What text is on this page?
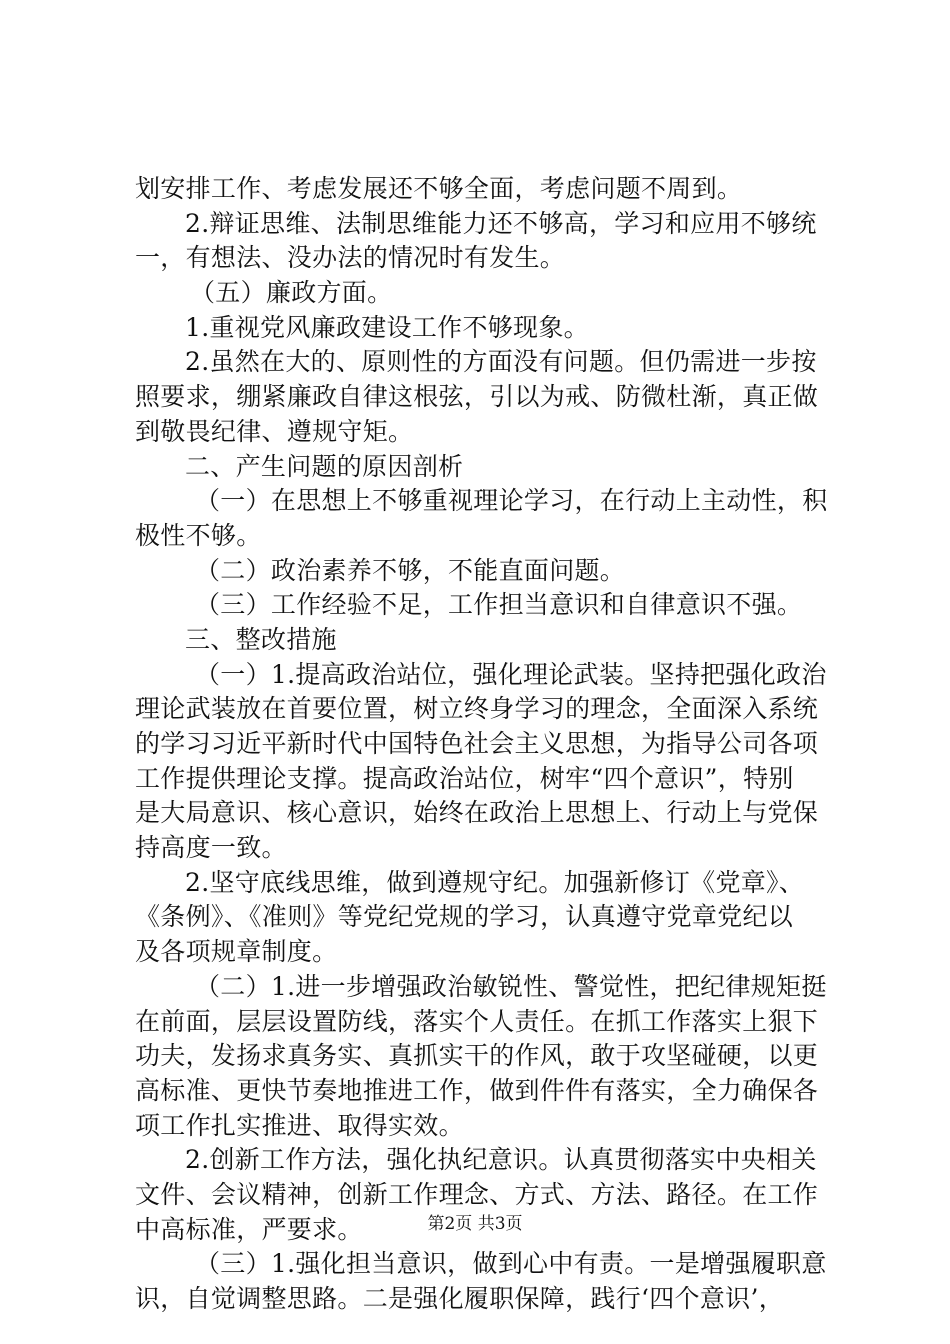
划安排工作、考虑发展还不够全面，考虑问题不周到。
2.辩证思维、法制思维能力还不够高，学习和应用不够统
一，有想法、没办法的情况时有发生。
（五）廉政方面。
1.重视党风廉政建设工作不够现象。
2.虽然在大的、原则性的方面没有问题。但仍需进一步按
照要求，绷紧廉政自律这根弦，引以为戒、防微杜渐，真正做
到敬畏纪律、遵规守矩。
二、产生问题的原因剖析
（一）在思想上不够重视理论学习，在行动上主动性，积
极性不够。
（二）政治素养不够，不能直面问题。
（三）工作经验不足，工作担当意识和自律意识不强。
三、整改措施
（一）1.提高政治站位，强化理论武装。坚持把强化政治
理论武装放在首要位置，树立终身学习的理念，全面深入系统
的学习习近平新时代中国特色社会主义思想，为指导公司各项
工作提供理论支撑。提高政治站位，树牢“四个意识”，特别
是大局意识、核心意识，始终在政治上思想上、行动上与党保
持高度一致。
2.坚守底线思维，做到遵规守纪。加强新修订《党章》、
《条例》、《准则》等党纪党规的学习，认真遵守党章党纪以
及各项规章制度。
（二）1.进一步增强政治敏锐性、警觉性，把纪律规矩挺
在前面，层层设置防线，落实个人责任。在抓工作落实上狠下
功夫，发扬求真务实、真抓实干的作风，敢于攻坚碰硬，以更
高标准、更快节奏地推进工作，做到件件有落实，全力确保各
项工作扎实推进、取得实效。
2.创新工作方法，强化执纪意识。认真贯彻落实中央相关
文件、会议精神，创新工作理念、方式、方法、路径。在工作
中高标准，严要求。
（三）1.强化担当意识，做到心中有责。一是增强履职意
识，自觉调整思路。二是强化履职保障，践行‘四个意识’，
第2页 共3页
